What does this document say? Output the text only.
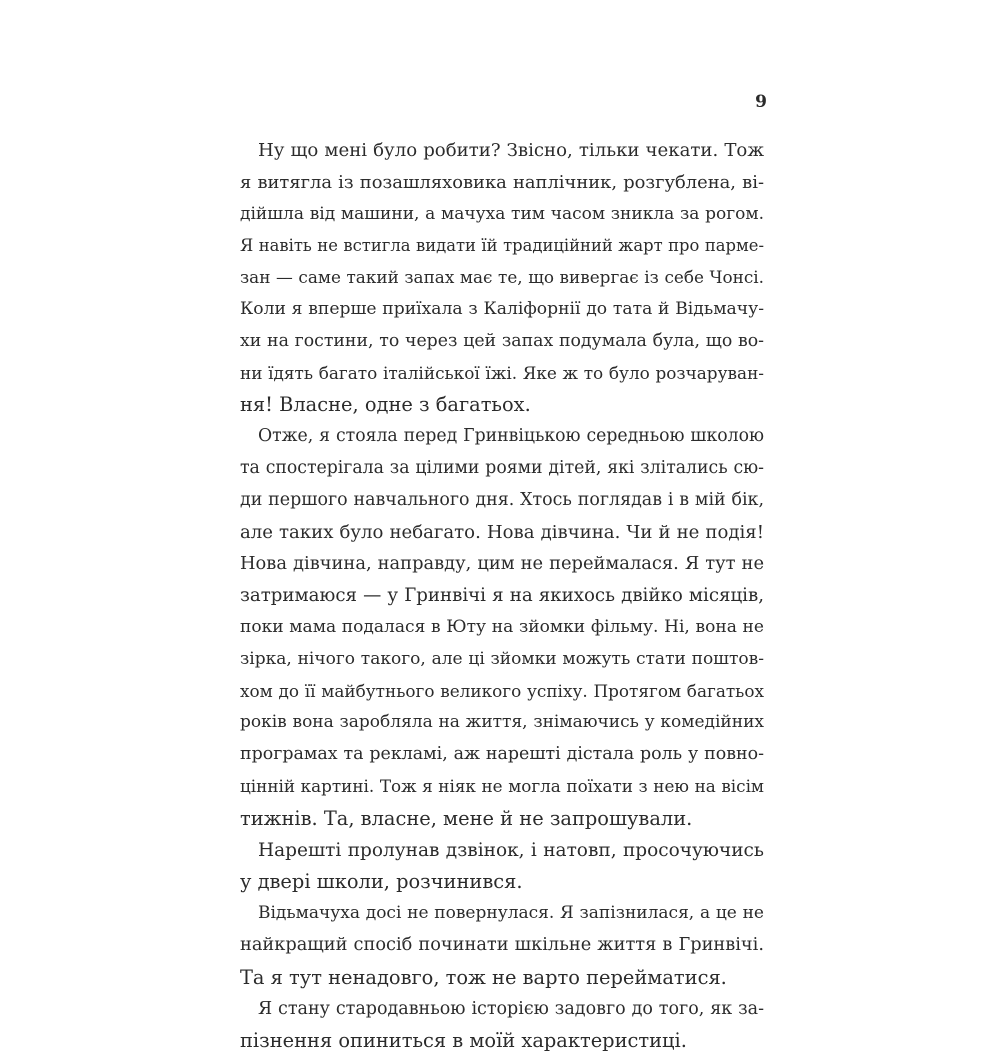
9
Ну що мені було робити? Звісно, тільки чекати. Тож
я витягла із позашляховика наплічник, розгублена, ві-
дійшла від машини, а мачуха тим часом зникла за рогом.
Я навіть не встигла видати їй традиційний жарт про парме-
зан — саме такий запах має те, що вивергає із себе Чонсі.
Коли я вперше приїхала з Каліфорнії до тата й Відьмачу-
хи на гостини, то через цей запах подумала була, що во-
ни їдять багато італійської їжі. Яке ж то було розчаруван-
ня! Власне, одне з багатьох.
Отже, я стояла перед Гринвіцькою середньою школою
та спостерігала за цілими роями дітей, які злітались сю-
ди першого навчального дня. Хтось поглядав і в мій бік,
але таких було небагато. Нова дівчина. Чи й не подія!
Нова дівчина, направду, цим не переймалася. Я тут не
затримаюся — у Гринвічі я на якихось двійко місяців,
поки мама подалася в Юту на зйомки фільму. Ні, вона не
зірка, нічого такого, але ці зйомки можуть стати поштов-
хом до її майбутнього великого успіху. Протягом багатьох
років вона заробляла на життя, знімаючись у комедійних
програмах та рекламі, аж нарешті дістала роль у повно-
цінній картині. Тож я ніяк не могла поїхати з нею на вісім
тижнів. Та, власне, мене й не запрошували.
Нарешті пролунав дзвінок, і натовп, просочуючись
у двері школи, розчинився.
Відьмачуха досі не повернулася. Я запізнилася, а це не
найкращий спосіб починати шкільне життя в Гринвічі.
Та я тут ненадовго, тож не варто перейматися.
Я стану стародавньою історією задовго до того, як за-
пізнення опиниться в моїй характеристиці.
